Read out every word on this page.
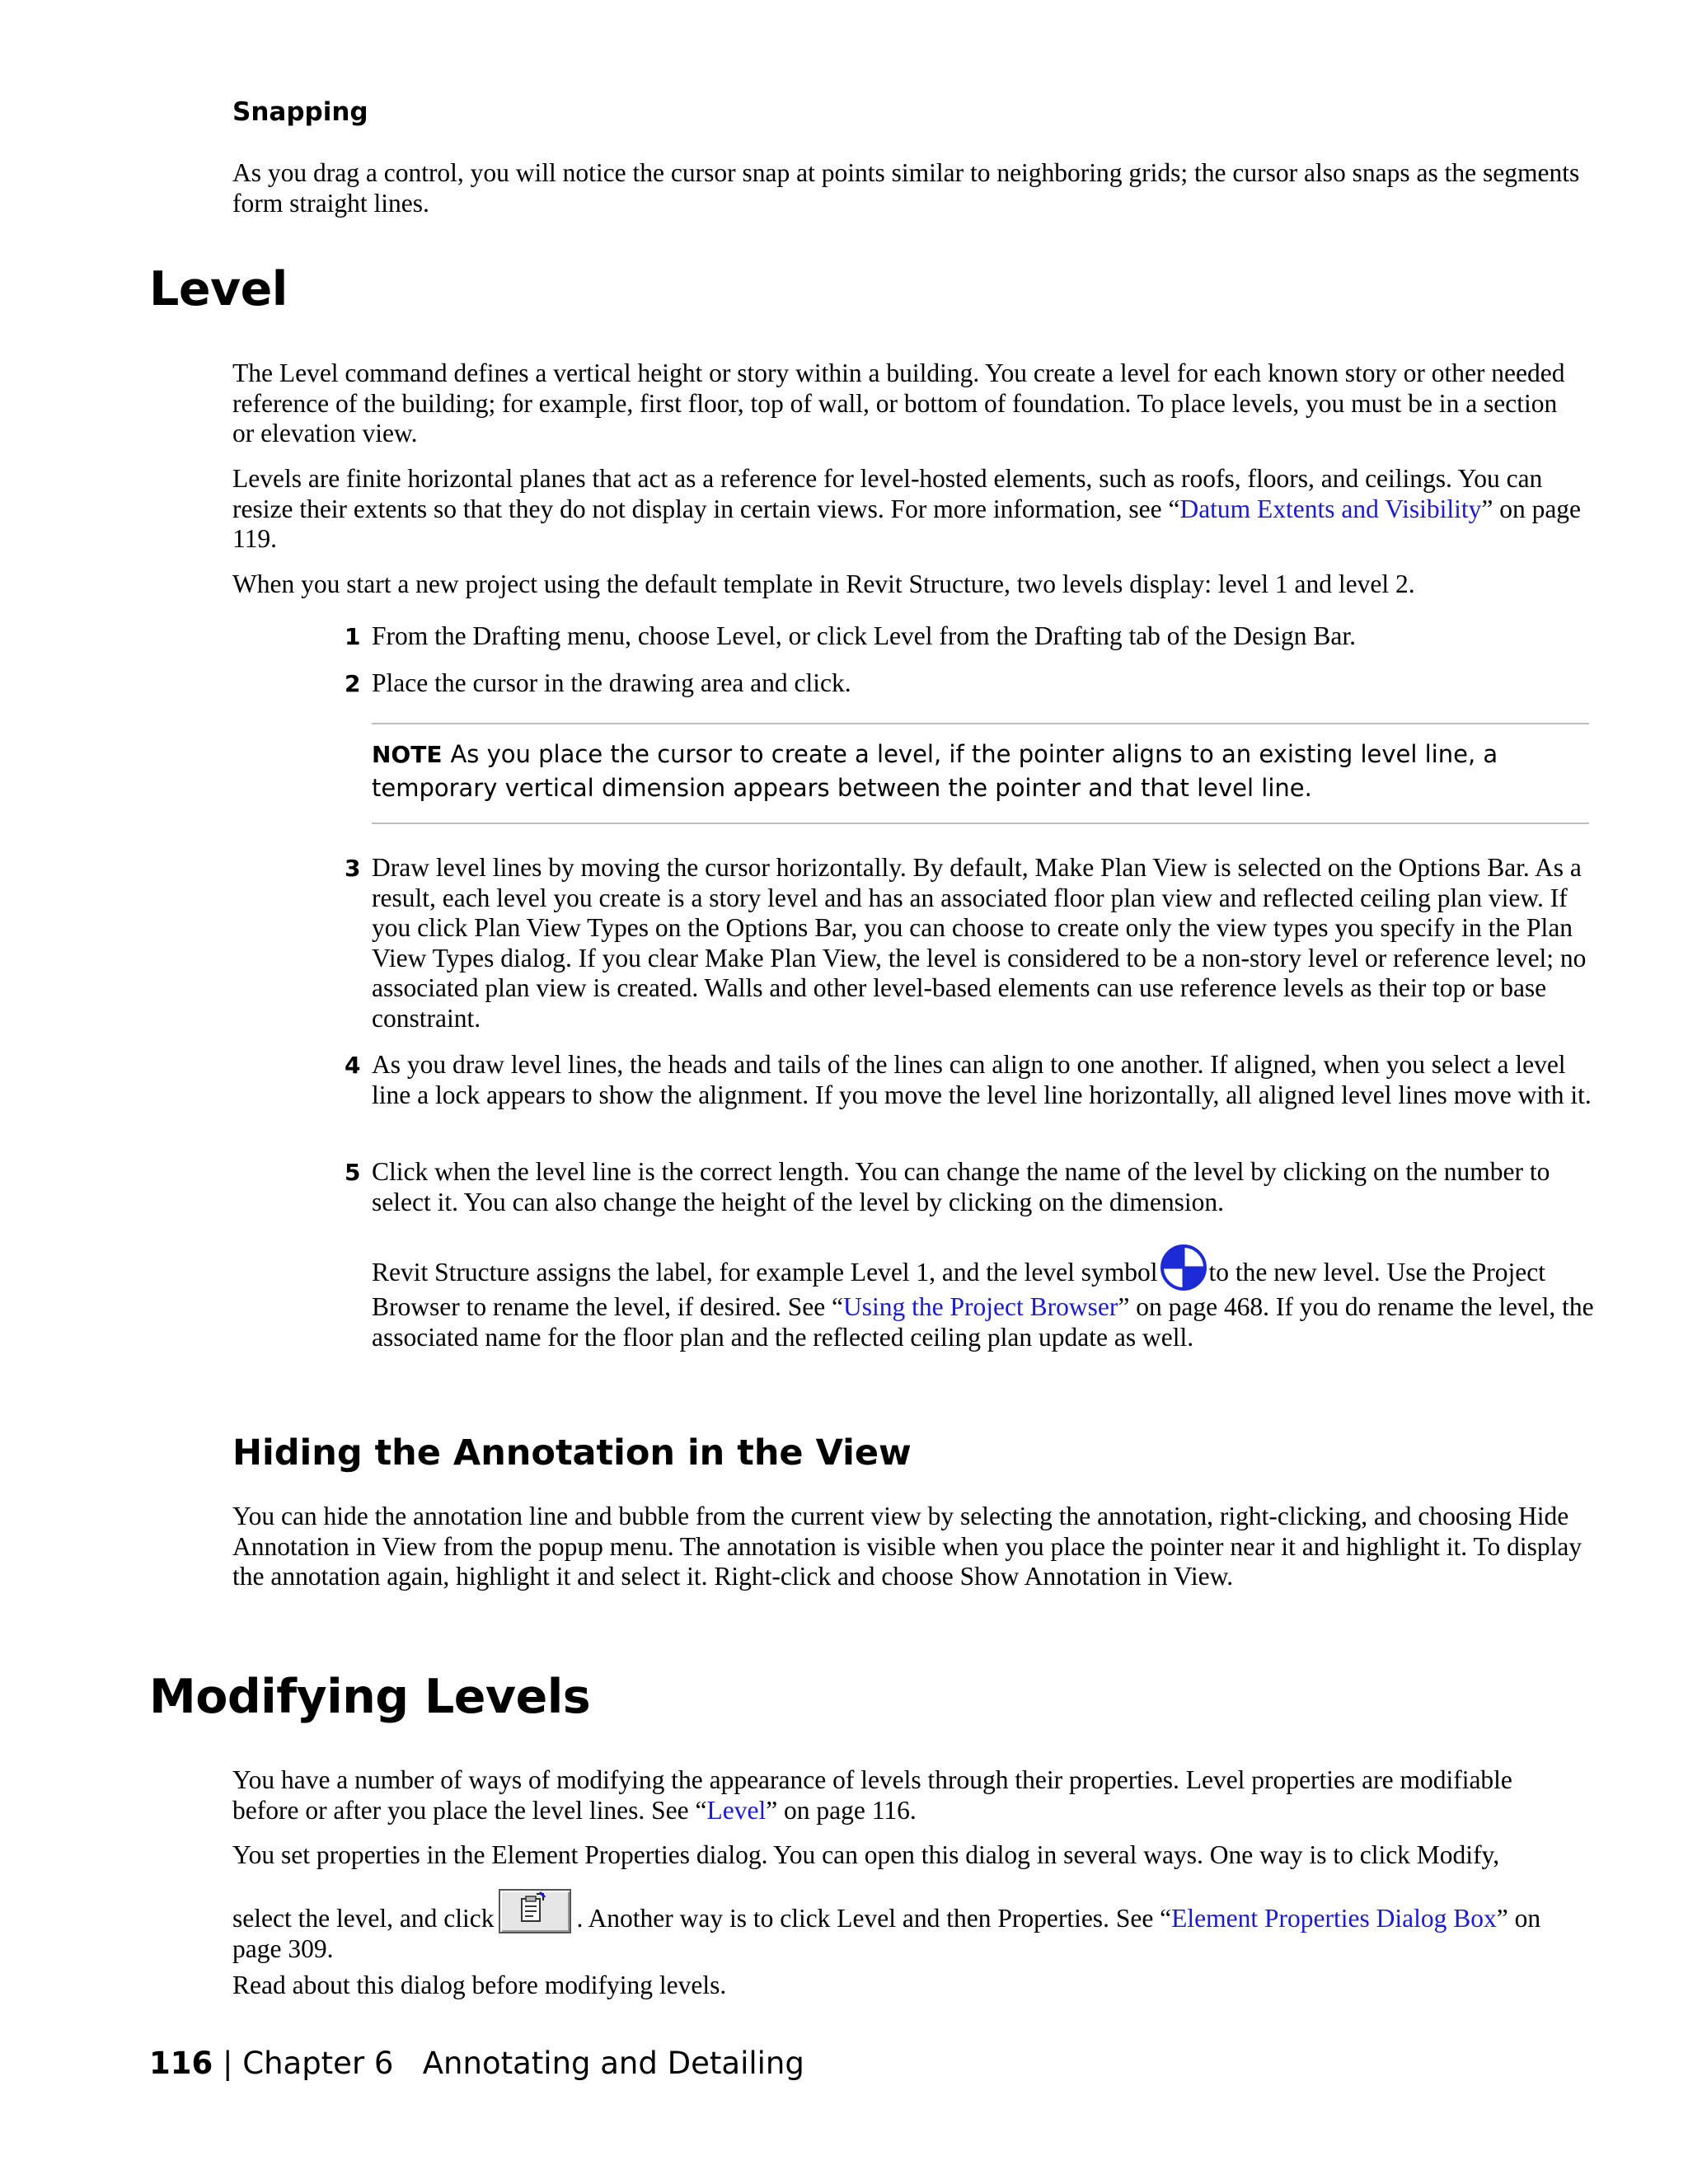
Snapping
As you drag a control, you will notice the cursor snap at points similar to neighboring grids; the cursor also snaps as the segments form straight lines.
Level
The Level command defines a vertical height or story within a building. You create a level for each known story or other needed reference of the building; for example, first floor, top of wall, or bottom of foundation. To place levels, you must be in a section or elevation view.
Levels are finite horizontal planes that act as a reference for level-hosted elements, such as roofs, floors, and ceilings. You can resize their extents so that they do not display in certain views. For more information, see “Datum Extents and Visibility” on page 119.
When you start a new project using the default template in Revit Structure, two levels display: level 1 and level 2.
1 From the Drafting menu, choose Level, or click Level from the Drafting tab of the Design Bar.
2 Place the cursor in the drawing area and click.
NOTE As you place the cursor to create a level, if the pointer aligns to an existing level line, a temporary vertical dimension appears between the pointer and that level line.
3 Draw level lines by moving the cursor horizontally. By default, Make Plan View is selected on the Options Bar. As a result, each level you create is a story level and has an associated floor plan view and reflected ceiling plan view. If you click Plan View Types on the Options Bar, you can choose to create only the view types you specify in the Plan View Types dialog. If you clear Make Plan View, the level is considered to be a non-story level or reference level; no associated plan view is created. Walls and other level-based elements can use reference levels as their top or base constraint.
4 As you draw level lines, the heads and tails of the lines can align to one another. If aligned, when you select a level line a lock appears to show the alignment. If you move the level line horizontally, all aligned level lines move with it.
5 Click when the level line is the correct length. You can change the name of the level by clicking on the number to select it. You can also change the height of the level by clicking on the dimension.
Revit Structure assigns the label, for example Level 1, and the level symbol to the new level. Use the Project Browser to rename the level, if desired. See “Using the Project Browser” on page 468. If you do rename the level, the associated name for the floor plan and the reflected ceiling plan update as well.
Hiding the Annotation in the View
You can hide the annotation line and bubble from the current view by selecting the annotation, right-clicking, and choosing Hide Annotation in View from the popup menu. The annotation is visible when you place the pointer near it and highlight it. To display the annotation again, highlight it and select it. Right-click and choose Show Annotation in View.
Modifying Levels
You have a number of ways of modifying the appearance of levels through their properties. Level properties are modifiable before or after you place the level lines. See “Level” on page 116.
You set properties in the Element Properties dialog. You can open this dialog in several ways. One way is to click Modify,
select the level, and click	. Another way is to click Level and then Properties. See “Element Properties Dialog Box” on page 309.
Read about this dialog before modifying levels.
116 | Chapter 6   Annotating and Detailing
